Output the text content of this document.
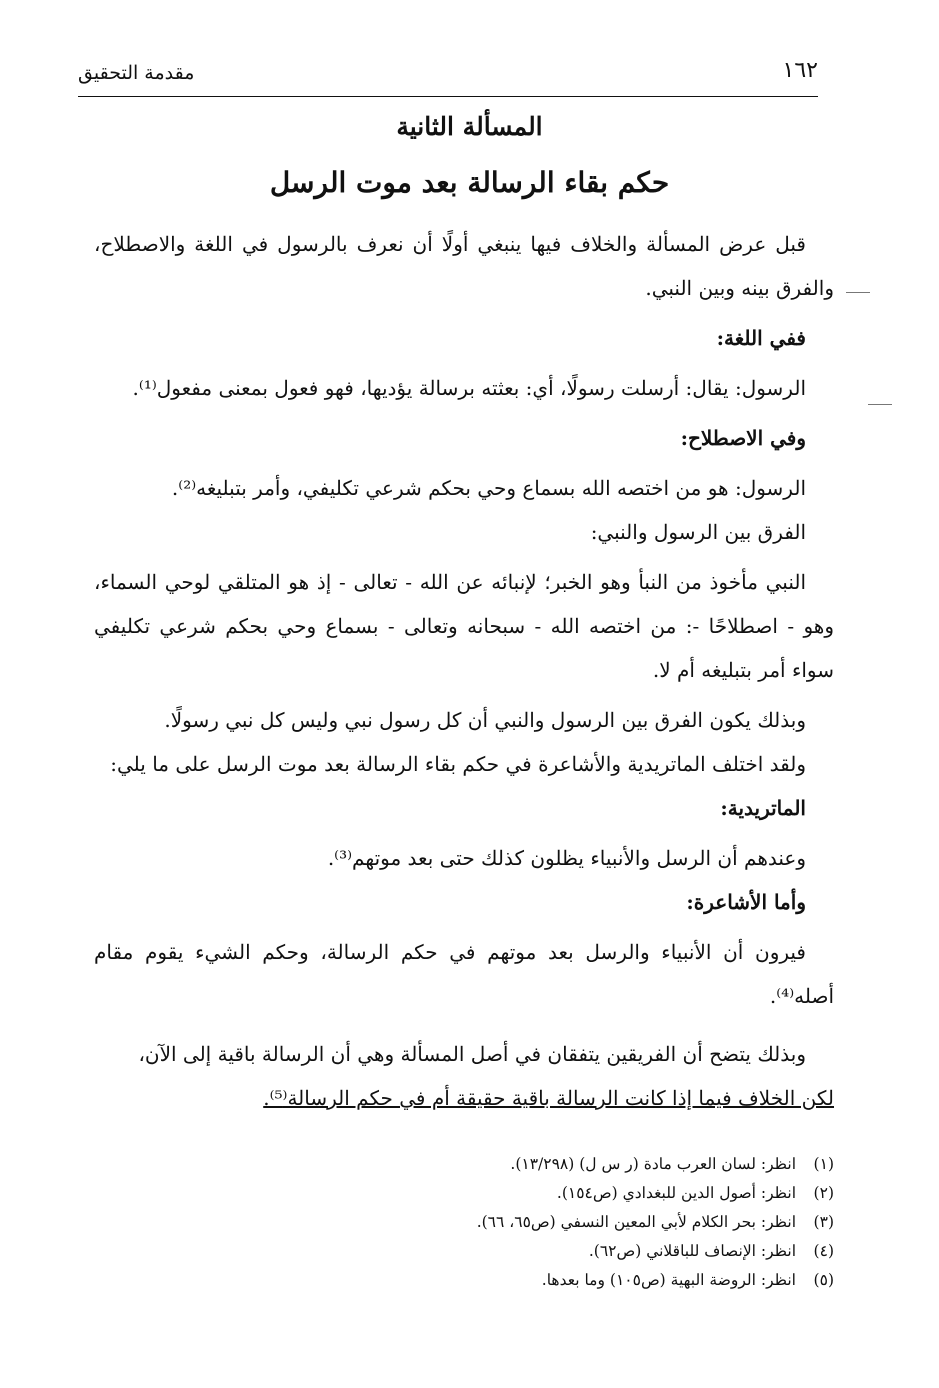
١٦٢
مقدمة التحقيق
المسألة الثانية
حكم بقاء الرسالة بعد موت الرسل

قبل عرض المسألة والخلاف فيها ينبغي أولًا أن نعرف بالرسول في اللغة والاصطلاح، والفرق بينه وبين النبي.

ففي اللغة:

الرسول: يقال: أرسلت رسولًا، أي: بعثته برسالة يؤديها، فهو فعول بمعنى مفعول⁽¹⁾.

وفي الاصطلاح:

الرسول: هو من اختصه الله بسماع وحي بحكم شرعي تكليفي، وأمر بتبليغه⁽²⁾.

الفرق بين الرسول والنبي:

النبي مأخوذ من النبأ وهو الخبر؛ لإنبائه عن الله - تعالى - إذ هو المتلقي لوحي السماء، وهو - اصطلاحًا -: من اختصه الله - سبحانه وتعالى - بسماع وحي بحكم شرعي تكليفي سواء أمر بتبليغه أم لا.

وبذلك يكون الفرق بين الرسول والنبي أن كل رسول نبي وليس كل نبي رسولًا.

ولقد اختلف الماتريدية والأشاعرة في حكم بقاء الرسالة بعد موت الرسل على ما يلي:

الماتريدية:

وعندهم أن الرسل والأنبياء يظلون كذلك حتى بعد موتهم⁽³⁾.

وأما الأشاعرة:

فيرون أن الأنبياء والرسل بعد موتهم في حكم الرسالة، وحكم الشيء يقوم مقام أصله⁽⁴⁾.

وبذلك يتضح أن الفريقين يتفقان في أصل المسألة وهي أن الرسالة باقية إلى الآن،

لكن الخلاف فيما إذا كانت الرسالة باقية حقيقة أم في حكم الرسالة⁽⁵⁾.

(١)انظر: لسان العرب مادة (ر س ل) (١٣/٢٩٨).
(٢)انظر: أصول الدين للبغدادي (ص١٥٤).
(٣)انظر: بحر الكلام لأبي المعين النسفي (ص٦٥، ٦٦).
(٤)انظر: الإنصاف للباقلاني (ص٦٢).
(٥)انظر: الروضة البهية (ص١٠٥) وما بعدها.
